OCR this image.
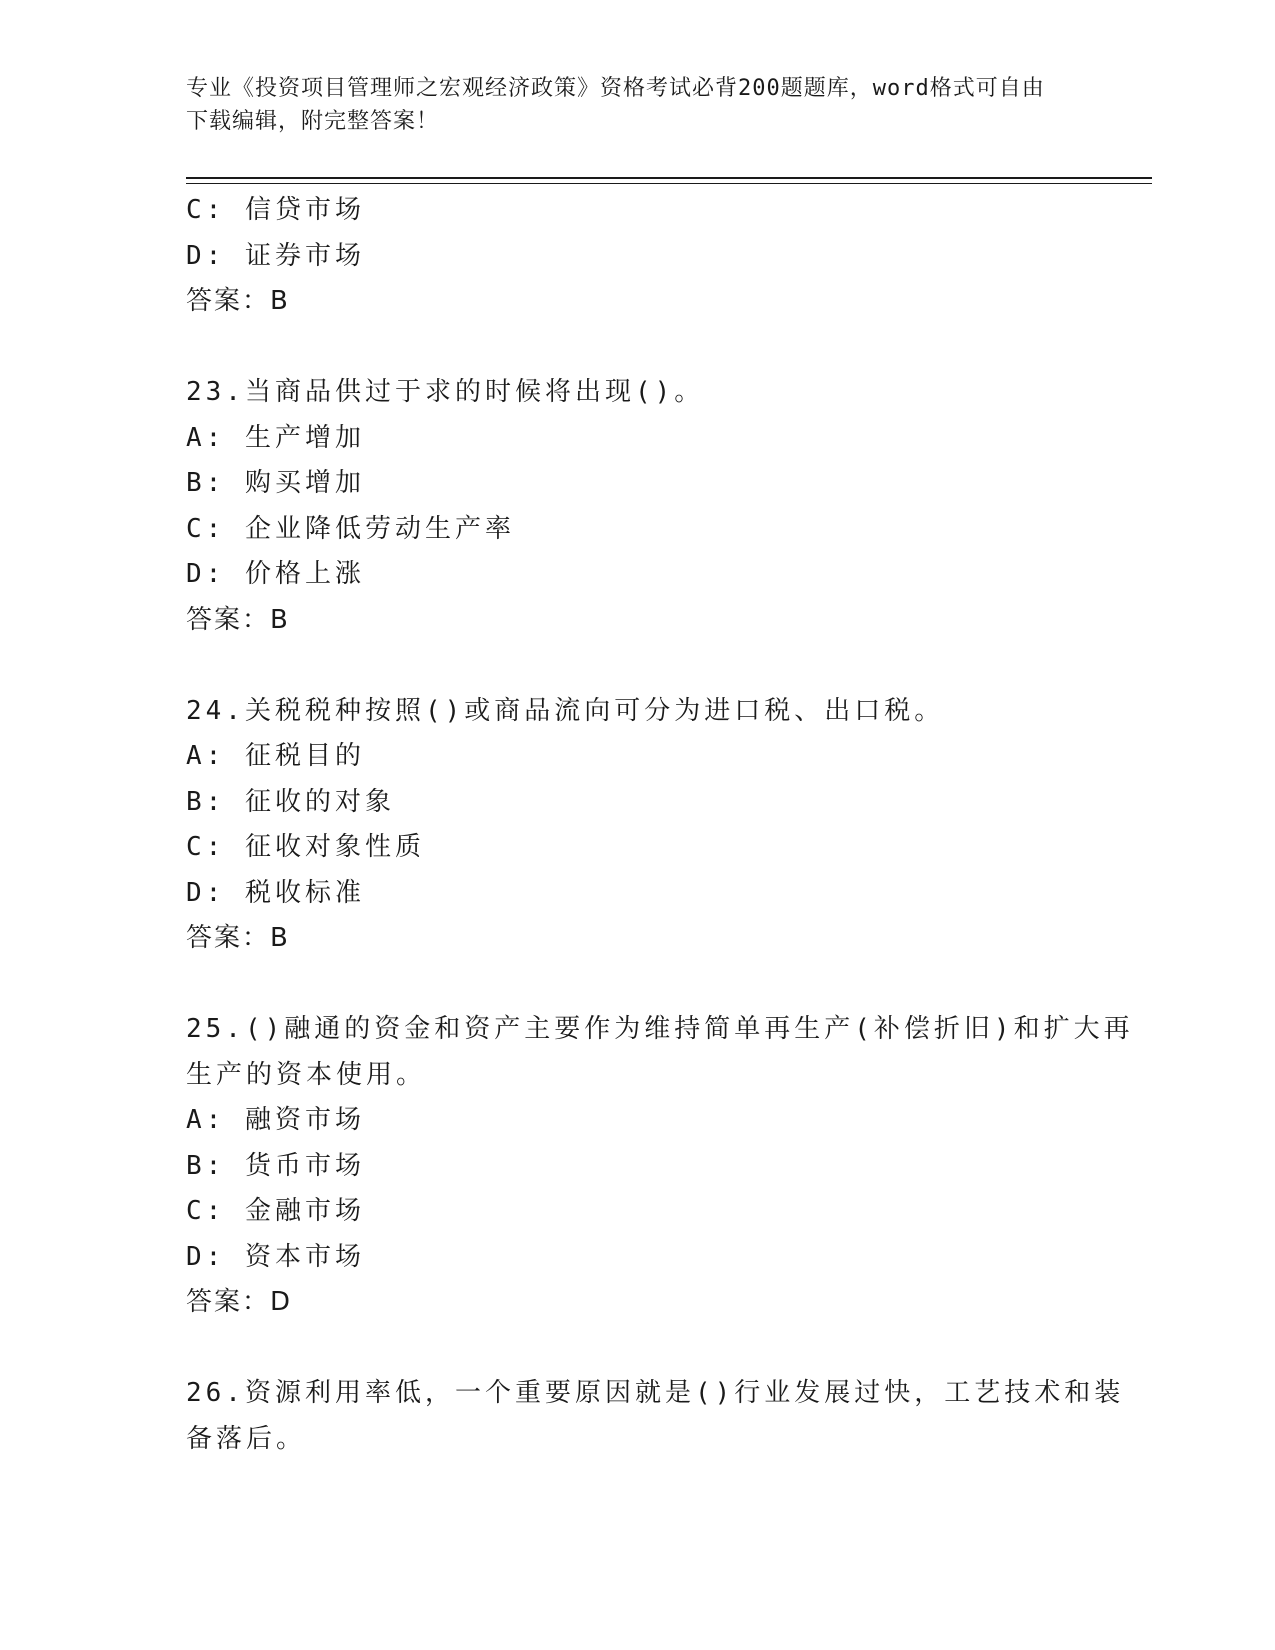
专业《投资项目管理师之宏观经济政策》资格考试必背200题题库，word格式可自由下载编辑，附完整答案！
C: 信贷市场
D: 证券市场
答案：B
23.当商品供过于求的时候将出现()。
A: 生产增加
B: 购买增加
C: 企业降低劳动生产率
D: 价格上涨
答案：B
24.关税税种按照()或商品流向可分为进口税、出口税。
A: 征税目的
B: 征收的对象
C: 征收对象性质
D: 税收标准
答案：B
25.()融通的资金和资产主要作为维持简单再生产(补偿折旧)和扩大再
生产的资本使用。
A: 融资市场
B: 货币市场
C: 金融市场
D: 资本市场
答案：D
26.资源利用率低，一个重要原因就是()行业发展过快，工艺技术和装
备落后。
